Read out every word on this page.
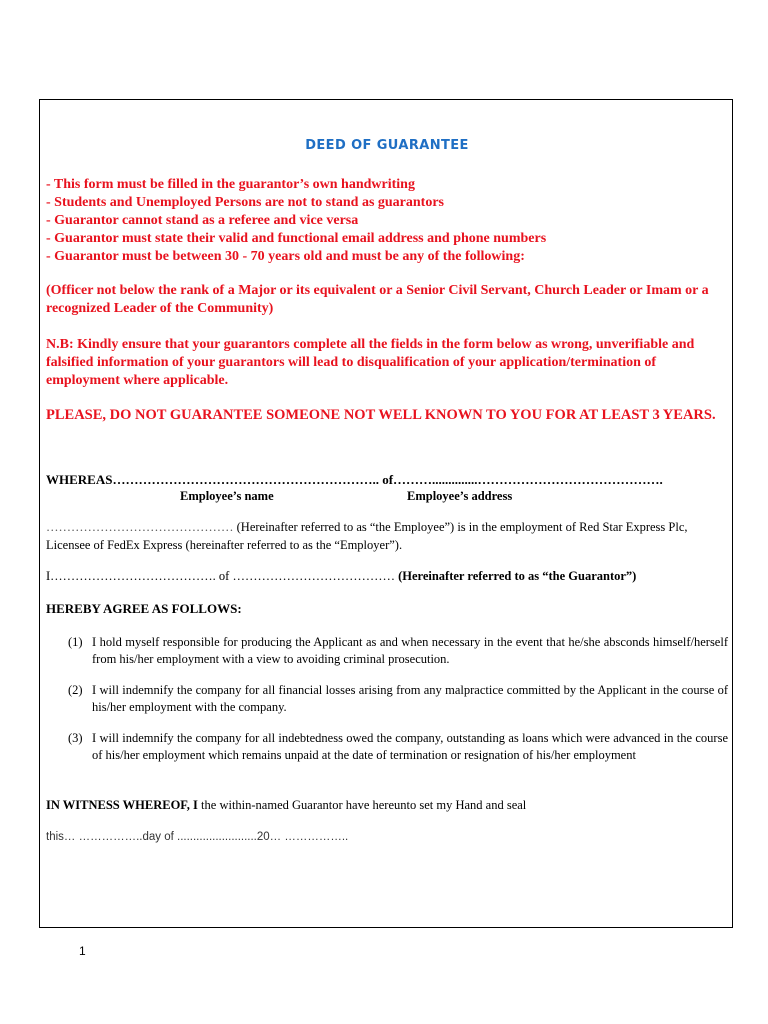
DEED OF GUARANTEE
- This form must be filled in the guarantor’s own handwriting
- Students and Unemployed Persons are not to stand as guarantors
- Guarantor cannot stand as a referee and vice versa
- Guarantor must state their valid and functional email address and phone numbers
- Guarantor must be between 30 - 70 years old and must be any of the following:

(Officer not below the rank of a Major or its equivalent or a Senior Civil Servant, Church Leader or Imam or a recognized Leader of the Community)

N.B: Kindly ensure that your guarantors complete all the fields in the form below as wrong, unverifiable and falsified information of your guarantors will lead to disqualification of your application/termination of employment where applicable.

PLEASE, DO NOT GUARANTEE SOMEONE NOT WELL KNOWN TO YOU FOR AT LEAST 3 YEARS.

WHEREAS…………………………………………………….. of………..............…………………………………….

Employee’s name	Employee’s address

……………………………………… (Hereinafter referred to as “the Employee”) is in the employment of Red Star Express Plc, Licensee of FedEx Express (hereinafter referred to as the “Employer”).

I…………………………………. of ………………………………… (Hereinafter referred to as “the Guarantor”)

HEREBY AGREE AS FOLLOWS:

(1) I hold myself responsible for producing the Applicant as and when necessary in the event that he/she absconds himself/herself from his/her employment with a view to avoiding criminal prosecution.
(2) I will indemnify the company for all financial losses arising from any malpractice committed by the Applicant in the course of his/her employment with the company.
(3) I will indemnify the company for all indebtedness owed the company, outstanding as loans which were advanced in the course of his/her employment which remains unpaid at the date of termination or resignation of his/her employment

IN WITNESS WHEREOF, I the within-named Guarantor have hereunto set my Hand and seal

this… ……………..day of .........................20… ……………..

1
